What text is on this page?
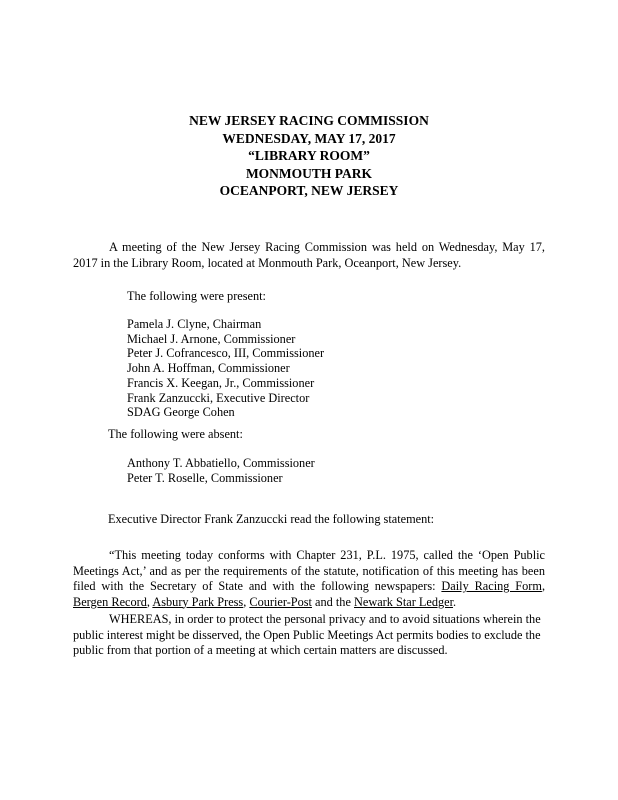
NEW JERSEY RACING COMMISSION
WEDNESDAY, MAY 17, 2017
“LIBRARY ROOM”
MONMOUTH PARK
OCEANPORT, NEW JERSEY
A meeting of the New Jersey Racing Commission was held on Wednesday, May 17, 2017 in the Library Room, located at Monmouth Park, Oceanport, New Jersey.
The following were present:
Pamela J. Clyne, Chairman
Michael J. Arnone, Commissioner
Peter J. Cofrancesco, III, Commissioner
John A. Hoffman, Commissioner
Francis X. Keegan, Jr., Commissioner
Frank Zanzuccki, Executive Director
SDAG George Cohen
The following were absent:
Anthony T. Abbatiello, Commissioner
Peter T. Roselle, Commissioner
Executive Director Frank Zanzuccki read the following statement:
“This meeting today conforms with Chapter 231, P.L. 1975, called the ‘Open Public Meetings Act,’ and as per the requirements of the statute, notification of this meeting has been filed with the Secretary of State and with the following newspapers: Daily Racing Form, Bergen Record, Asbury Park Press, Courier-Post and the Newark Star Ledger.
WHEREAS, in order to protect the personal privacy and to avoid situations wherein the
public interest might be disserved, the Open Public Meetings Act permits bodies to exclude the
public from that portion of a meeting at which certain matters are discussed.
